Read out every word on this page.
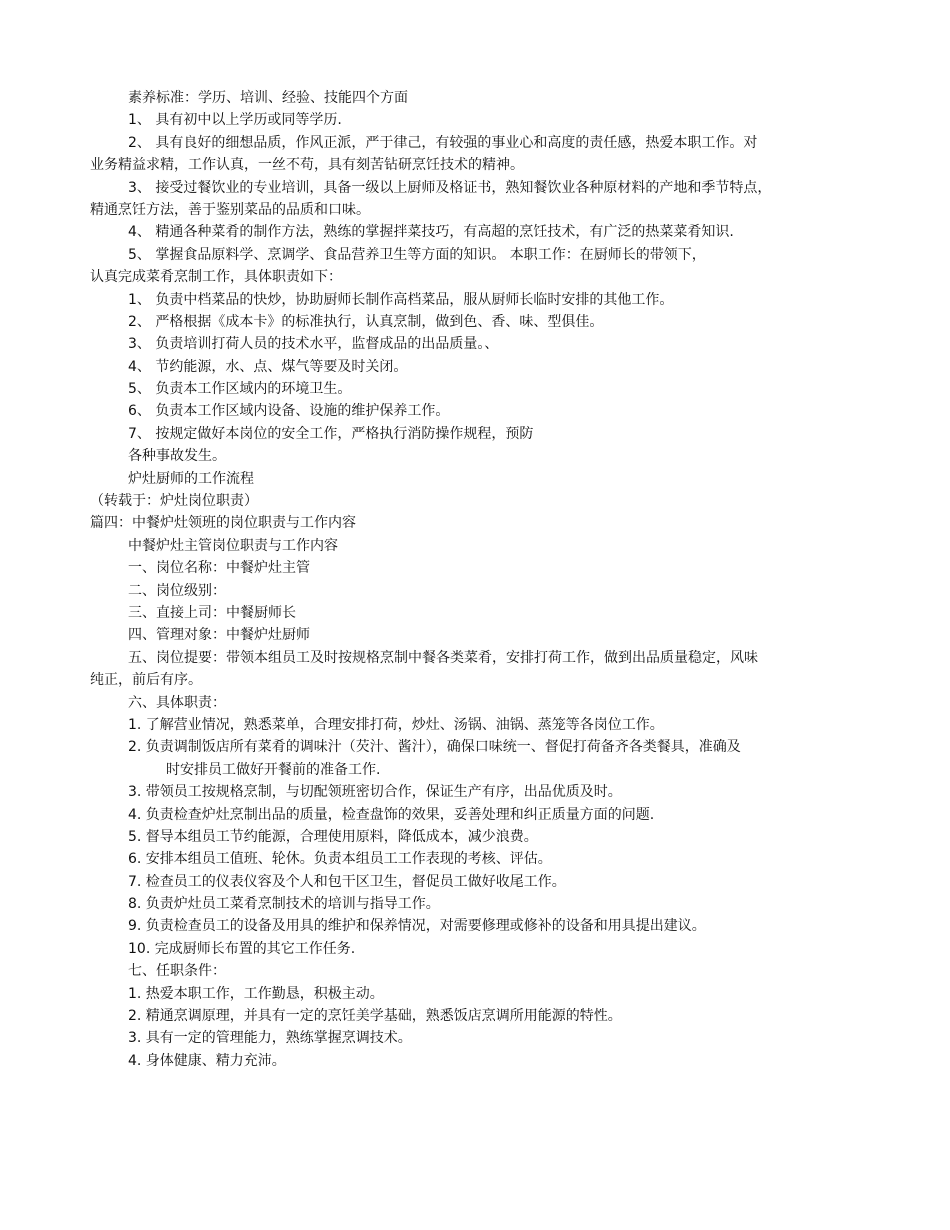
素养标准：学历、培训、经验、技能四个方面
1、 具有初中以上学历或同等学历.
2、 具有良好的细想品质，作风正派，严于律己，有较强的事业心和高度的责任感，热爱本职工作。对
业务精益求精，工作认真，一丝不苟，具有刻苦钻研烹饪技术的精神。
3、 接受过餐饮业的专业培训，具备一级以上厨师及格证书，熟知餐饮业各种原材料的产地和季节特点，
精通烹饪方法，善于鉴别菜品的品质和口味。
4、 精通各种菜肴的制作方法，熟练的掌握拌菜技巧，有高超的烹饪技术，有广泛的热菜菜肴知识.
5、 掌握食品原料学、烹调学、食品营养卫生等方面的知识。 本职工作：在厨师长的带领下，
认真完成菜肴烹制工作，具体职责如下：
1、 负责中档菜品的快炒，协助厨师长制作高档菜品，服从厨师长临时安排的其他工作。
2、 严格根据《成本卡》的标准执行，认真烹制，做到色、香、味、型俱佳。
3、 负责培训打荷人员的技术水平，监督成品的出品质量。、
4、 节约能源，水、点、煤气等要及时关闭。
5、 负责本工作区域内的环境卫生。
6、 负责本工作区域内设备、设施的维护保养工作。
7、 按规定做好本岗位的安全工作，严格执行消防操作规程，预防
各种事故发生。
炉灶厨师的工作流程
（转载于：炉灶岗位职责）
篇四：中餐炉灶领班的岗位职责与工作内容
中餐炉灶主管岗位职责与工作内容
一、岗位名称：中餐炉灶主管
二、岗位级别：
三、直接上司：中餐厨师长
四、管理对象：中餐炉灶厨师
五、岗位提要：带领本组员工及时按规格烹制中餐各类菜肴，安排打荷工作，做到出品质量稳定，风味
纯正，前后有序。
六、具体职责：
1. 了解营业情况，熟悉菜单，合理安排打荷，炒灶、汤锅、油锅、蒸笼等各岗位工作。
2. 负责调制饭店所有菜肴的调味汁（芡汁、酱汁），确保口味统一、督促打荷备齐各类餐具，准确及
时安排员工做好开餐前的准备工作.
3. 带领员工按规格烹制，与切配领班密切合作，保证生产有序，出品优质及时。
4. 负责检查炉灶烹制出品的质量，检查盘饰的效果，妥善处理和纠正质量方面的问题.
5. 督导本组员工节约能源，合理使用原料，降低成本，减少浪费。
6. 安排本组员工值班、轮休。负责本组员工工作表现的考核、评估。
7. 检查员工的仪表仪容及个人和包干区卫生，督促员工做好收尾工作。
8. 负责炉灶员工菜肴烹制技术的培训与指导工作。
9. 负责检查员工的设备及用具的维护和保养情况，对需要修理或修补的设备和用具提出建议。
10. 完成厨师长布置的其它工作任务.
七、任职条件：
1. 热爱本职工作，工作勤恳，积极主动。
2. 精通烹调原理，并具有一定的烹饪美学基础，熟悉饭店烹调所用能源的特性。
3. 具有一定的管理能力，熟练掌握烹调技术。
4. 身体健康、精力充沛。
